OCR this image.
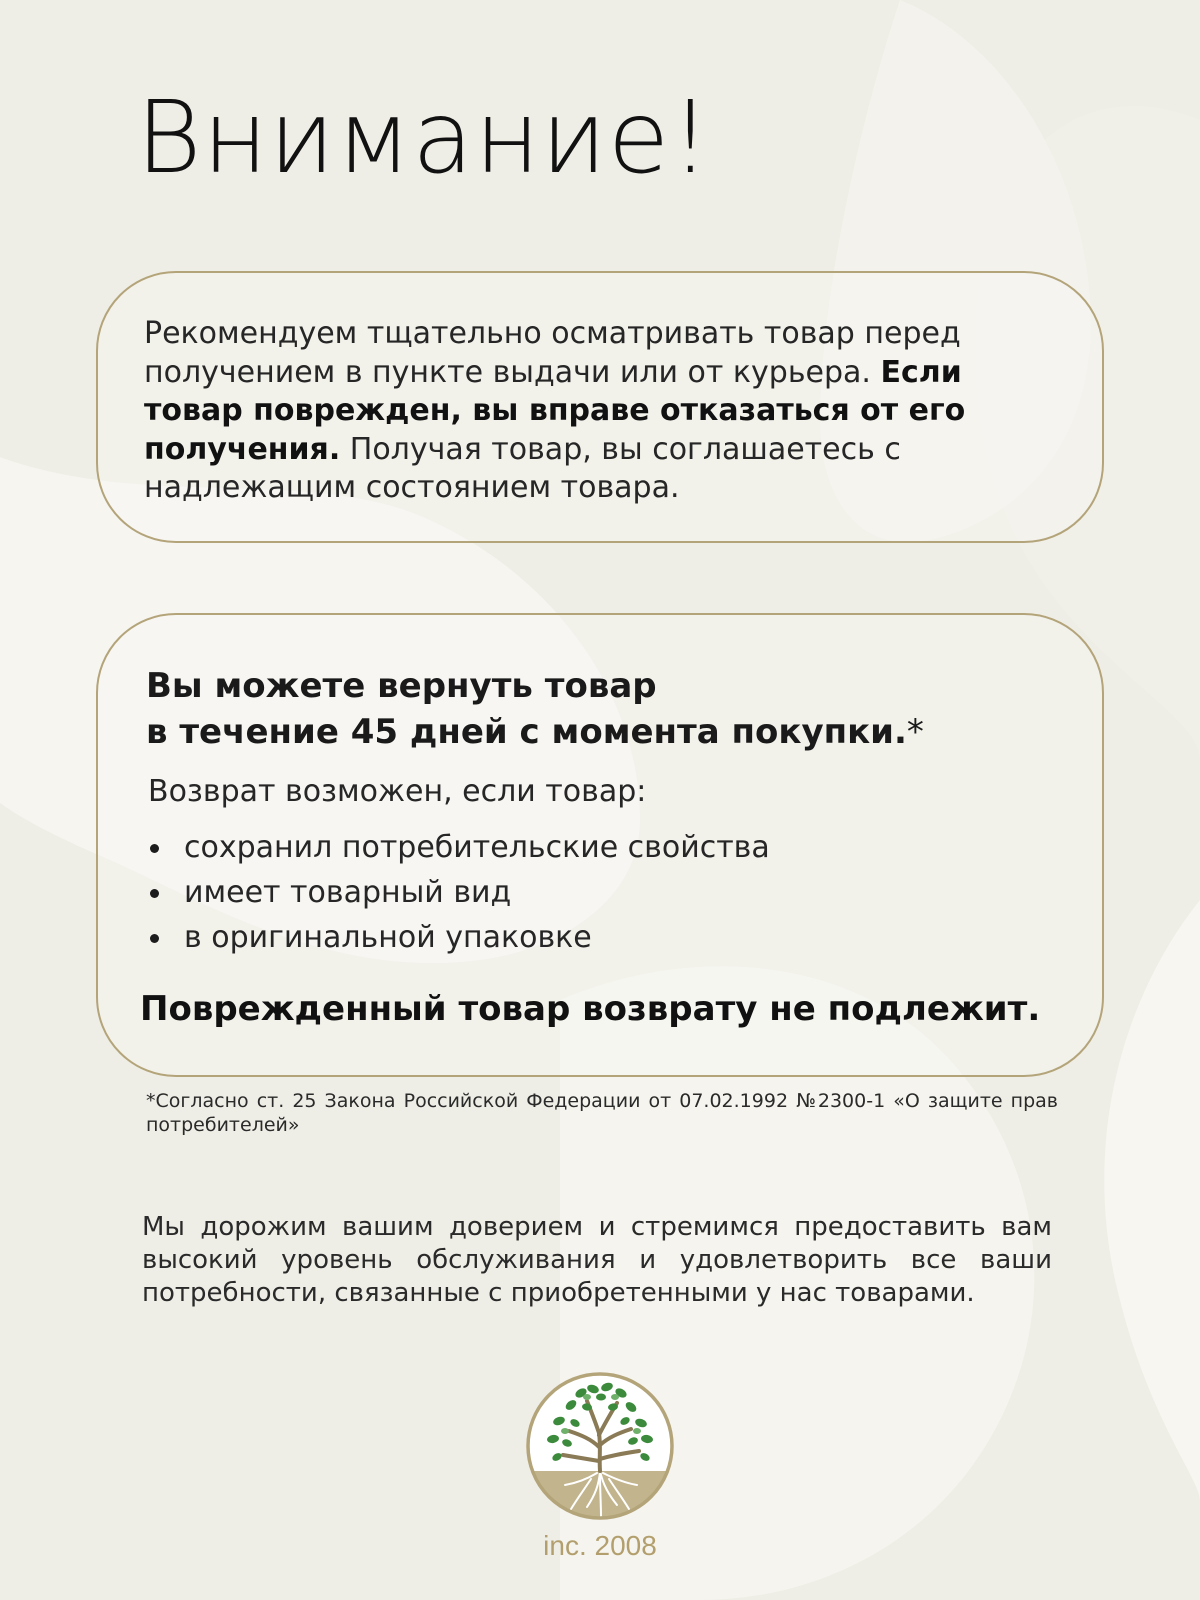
Внимание!

Рекомендуем тщательно осматривать товар перед получением в пункте выдачи или от курьера. Если товар поврежден, вы вправе отказаться от его получения. Получая товар, вы соглашаетесь с надлежащим состоянием товара.

Вы можете вернуть товар
в течение 45 дней с момента покупки.*

Возврат возможен, если товар:

сохранил потребительские свойства
имеет товарный вид
в оригинальной упаковке

Поврежденный товар возврату не подлежит.

*Согласно ст. 25 Закона Российской Федерации от 07.02.1992 №2300-1 «О защите прав потребителей»

Мы дорожим вашим доверием и стремимся предоставить вам высокий уровень обслуживания и удовлетворить все ваши потребности, связанные с приобретенными у нас товарами.

inc. 2008
